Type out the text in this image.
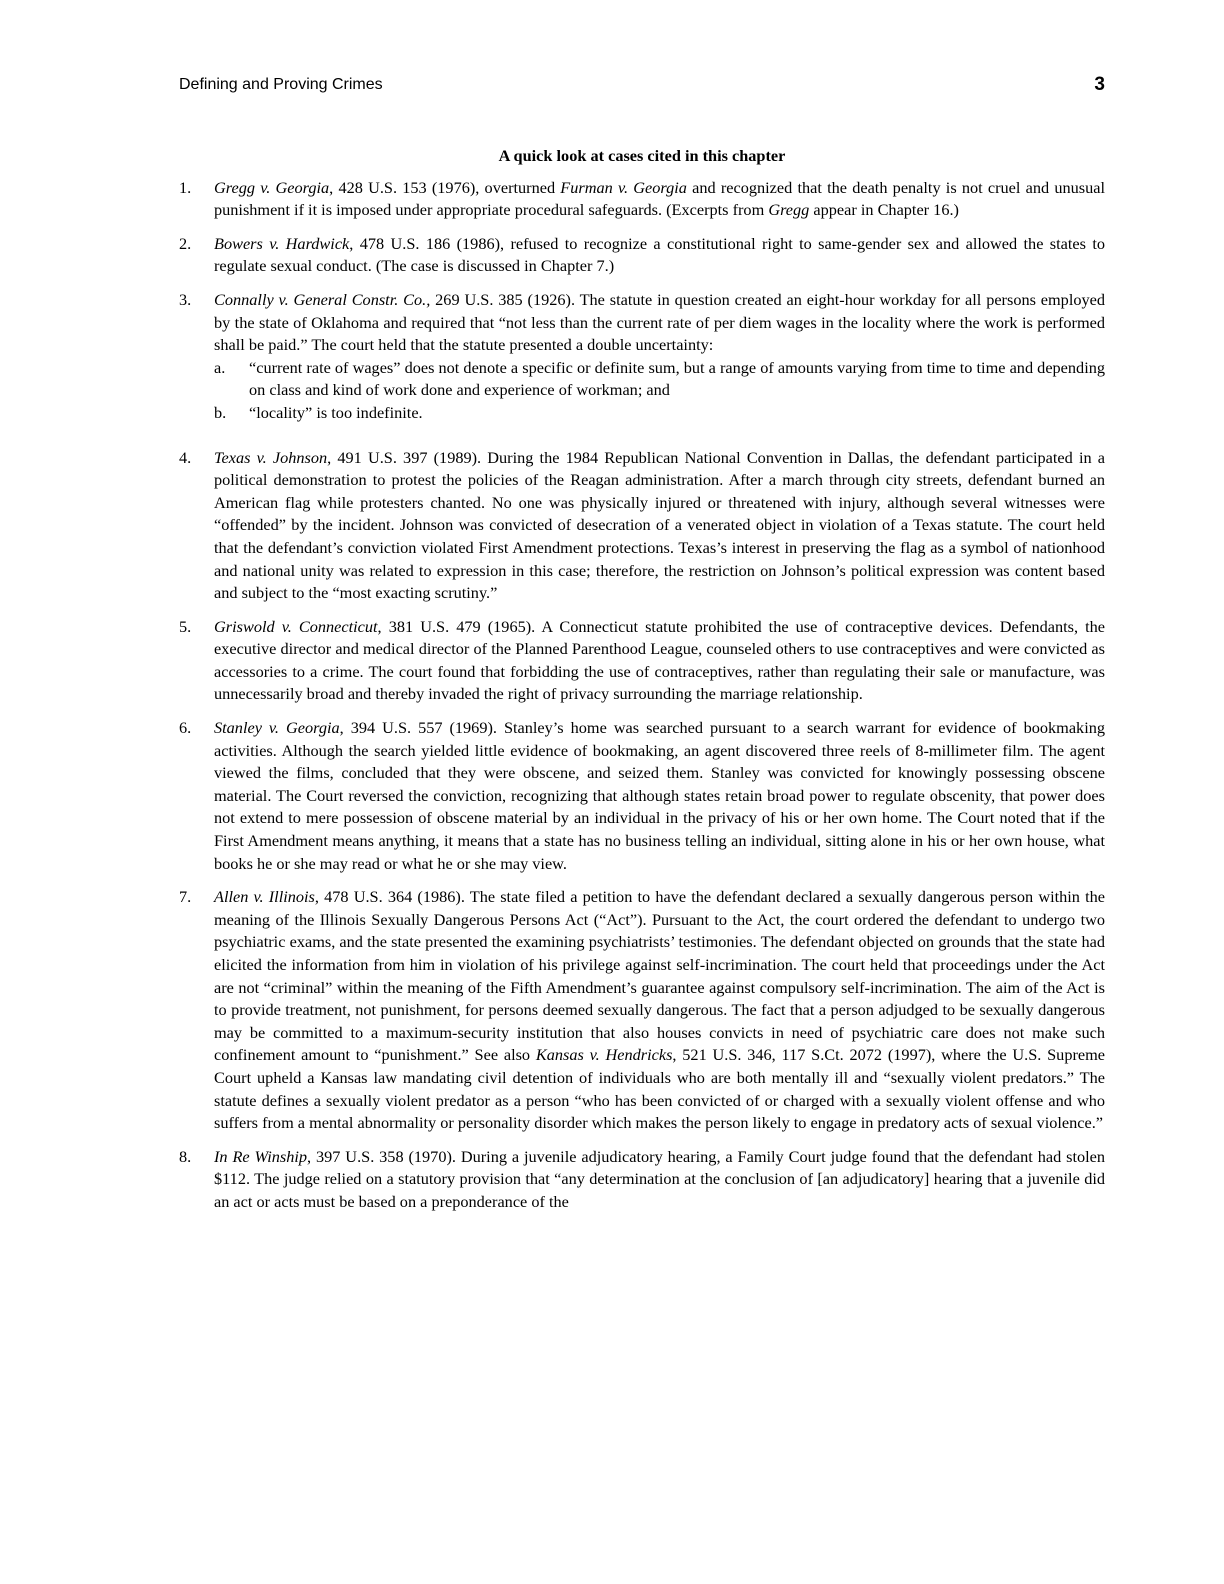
Defining and Proving Crimes	3
A quick look at cases cited in this chapter
1. Gregg v. Georgia, 428 U.S. 153 (1976), overturned Furman v. Georgia and recognized that the death penalty is not cruel and unusual punishment if it is imposed under appropriate procedural safeguards. (Excerpts from Gregg appear in Chapter 16.)
2. Bowers v. Hardwick, 478 U.S. 186 (1986), refused to recognize a constitutional right to same-gender sex and allowed the states to regulate sexual conduct. (The case is discussed in Chapter 7.)
3. Connally v. General Constr. Co., 269 U.S. 385 (1926). The statute in question created an eight-hour workday for all persons employed by the state of Oklahoma and required that “not less than the current rate of per diem wages in the locality where the work is performed shall be paid.” The court held that the statute presented a double uncertainty:
a. “current rate of wages” does not denote a specific or definite sum, but a range of amounts varying from time to time and depending on class and kind of work done and experience of workman; and
b. “locality” is too indefinite.
4. Texas v. Johnson, 491 U.S. 397 (1989). During the 1984 Republican National Convention in Dallas, the defendant participated in a political demonstration to protest the policies of the Reagan administration. After a march through city streets, defendant burned an American flag while protesters chanted. No one was physically injured or threatened with injury, although several witnesses were “offended” by the incident. Johnson was convicted of desecration of a venerated object in violation of a Texas statute. The court held that the defendant’s conviction violated First Amendment protections. Texas’s interest in preserving the flag as a symbol of nationhood and national unity was related to expression in this case; therefore, the restriction on Johnson’s political expression was content based and subject to the “most exacting scrutiny.”
5. Griswold v. Connecticut, 381 U.S. 479 (1965). A Connecticut statute prohibited the use of contraceptive devices. Defendants, the executive director and medical director of the Planned Parenthood League, counseled others to use contraceptives and were convicted as accessories to a crime. The court found that forbidding the use of contraceptives, rather than regulating their sale or manufacture, was unnecessarily broad and thereby invaded the right of privacy surrounding the marriage relationship.
6. Stanley v. Georgia, 394 U.S. 557 (1969). Stanley’s home was searched pursuant to a search warrant for evidence of bookmaking activities. Although the search yielded little evidence of bookmaking, an agent discovered three reels of 8-millimeter film. The agent viewed the films, concluded that they were obscene, and seized them. Stanley was convicted for knowingly possessing obscene material. The Court reversed the conviction, recognizing that although states retain broad power to regulate obscenity, that power does not extend to mere possession of obscene material by an individual in the privacy of his or her own home. The Court noted that if the First Amendment means anything, it means that a state has no business telling an individual, sitting alone in his or her own house, what books he or she may read or what he or she may view.
7. Allen v. Illinois, 478 U.S. 364 (1986). The state filed a petition to have the defendant declared a sexually dangerous person within the meaning of the Illinois Sexually Dangerous Persons Act (“Act”). Pursuant to the Act, the court ordered the defendant to undergo two psychiatric exams, and the state presented the examining psychiatrists’ testimonies. The defendant objected on grounds that the state had elicited the information from him in violation of his privilege against self-incrimination. The court held that proceedings under the Act are not “criminal” within the meaning of the Fifth Amendment’s guarantee against compulsory self-incrimination. The aim of the Act is to provide treatment, not punishment, for persons deemed sexually dangerous. The fact that a person adjudged to be sexually dangerous may be committed to a maximum-security institution that also houses convicts in need of psychiatric care does not make such confinement amount to “punishment.” See also Kansas v. Hendricks, 521 U.S. 346, 117 S.Ct. 2072 (1997), where the U.S. Supreme Court upheld a Kansas law mandating civil detention of individuals who are both mentally ill and “sexually violent predators.” The statute defines a sexually violent predator as a person “who has been convicted of or charged with a sexually violent offense and who suffers from a mental abnormality or personality disorder which makes the person likely to engage in predatory acts of sexual violence.”
8. In Re Winship, 397 U.S. 358 (1970). During a juvenile adjudicatory hearing, a Family Court judge found that the defendant had stolen $112. The judge relied on a statutory provision that “any determination at the conclusion of [an adjudicatory] hearing that a juvenile did an act or acts must be based on a preponderance of the
